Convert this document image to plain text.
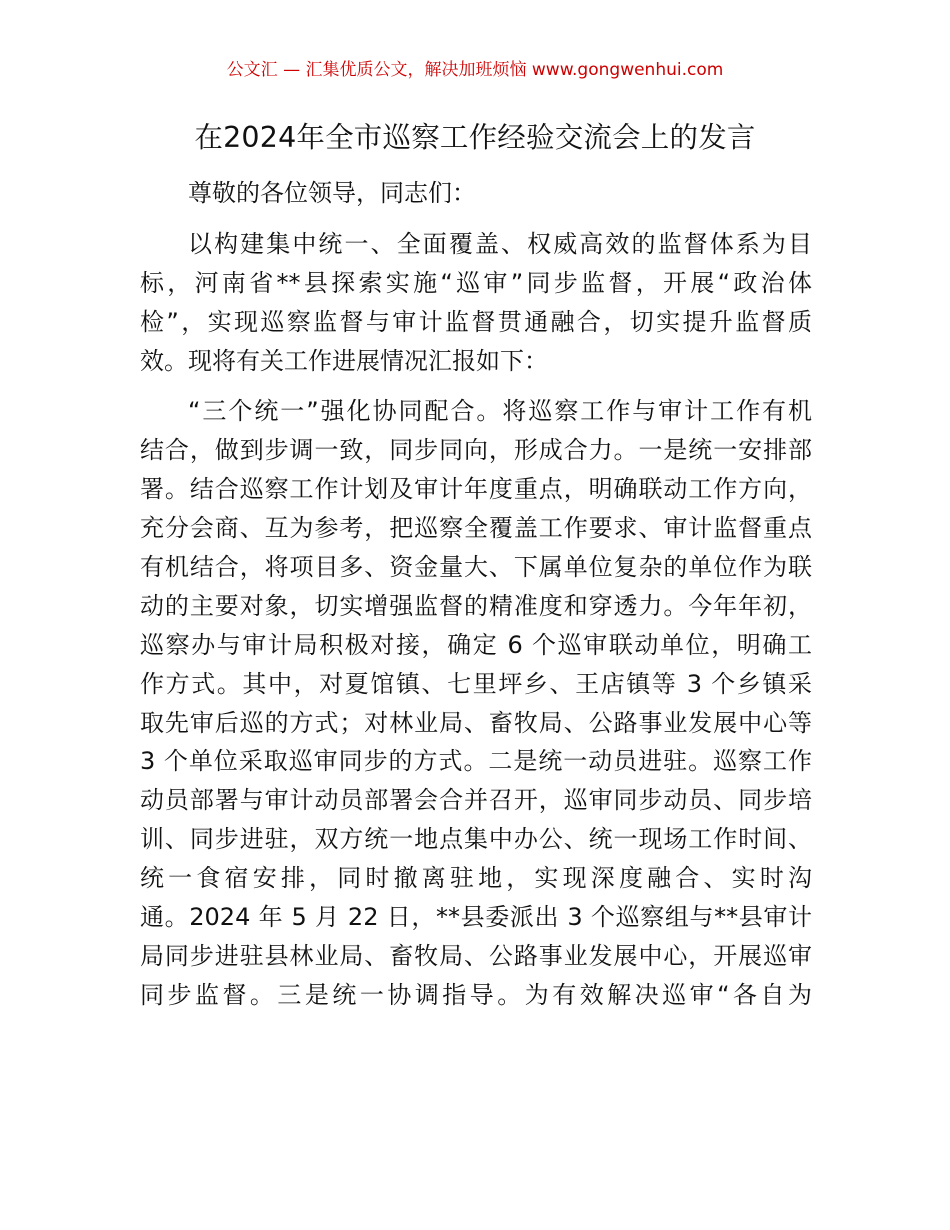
公文汇 — 汇集优质公文，解决加班烦恼 www.gongwenhui.com
在2024年全市巡察工作经验交流会上的发言
尊敬的各位领导，同志们：
以构建集中统一、全面覆盖、权威高效的监督体系为目
标，河南省**县探索实施“巡审”同步监督，开展“政治体
检”，实现巡察监督与审计监督贯通融合，切实提升监督质
效。现将有关工作进展情况汇报如下：
“三个统一”强化协同配合。将巡察工作与审计工作有机
结合，做到步调一致，同步同向，形成合力。一是统一安排部
署。结合巡察工作计划及审计年度重点，明确联动工作方向，
充分会商、互为参考，把巡察全覆盖工作要求、审计监督重点
有机结合，将项目多、资金量大、下属单位复杂的单位作为联
动的主要对象，切实增强监督的精准度和穿透力。今年年初，
巡察办与审计局积极对接，确定 6 个巡审联动单位，明确工
作方式。其中，对夏馆镇、七里坪乡、王店镇等 3 个乡镇采
取先审后巡的方式；对林业局、畜牧局、公路事业发展中心等
3 个单位采取巡审同步的方式。二是统一动员进驻。巡察工作
动员部署与审计动员部署会合并召开，巡审同步动员、同步培
训、同步进驻，双方统一地点集中办公、统一现场工作时间、
统一食宿安排，同时撤离驻地，实现深度融合、实时沟
通。2024 年 5 月 22 日，**县委派出 3 个巡察组与**县审计
局同步进驻县林业局、畜牧局、公路事业发展中心，开展巡审
同步监督。三是统一协调指导。为有效解决巡审“各自为
